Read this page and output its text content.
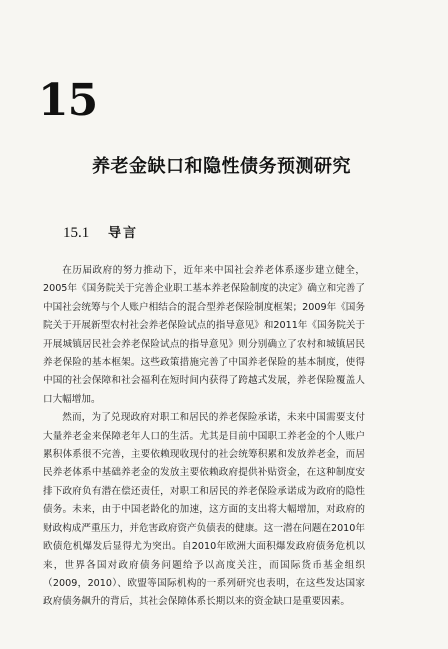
15
养老金缺口和隐性债务预测研究
15.1 导言

在历届政府的努力推动下，近年来中国社会养老体系逐步建立健全，2005年《国务院关于完善企业职工基本养老保险制度的决定》确立和完善了中国社会统筹与个人账户相结合的混合型养老保险制度框架；2009年《国务院关于开展新型农村社会养老保险试点的指导意见》和2011年《国务院关于开展城镇居民社会养老保险试点的指导意见》则分别确立了农村和城镇居民养老保险的基本框架。这些政策措施完善了中国养老保险的基本制度，使得中国的社会保障和社会福利在短时间内获得了跨越式发展，养老保险覆盖人口大幅增加。

然而，为了兑现政府对职工和居民的养老保险承诺，未来中国需要支付大量养老金来保障老年人口的生活。尤其是目前中国职工养老金的个人账户累积体系很不完善，主要依赖现收现付的社会统筹积累和发放养老金，而居民养老体系中基础养老金的发放主要依赖政府提供补贴资金，在这种制度安排下政府负有潜在偿还责任，对职工和居民的养老保险承诺成为政府的隐性债务。未来，由于中国老龄化的加速，这方面的支出将大幅增加，对政府的财政构成严重压力，并危害政府资产负债表的健康。这一潜在问题在2010年欧债危机爆发后显得尤为突出。自2010年欧洲大面积爆发政府债务危机以来，世界各国对政府债务问题给予以高度关注，而国际货币基金组织（2009，2010）、欧盟等国际机构的一系列研究也表明，在这些发达国家政府债务飙升的背后，其社会保障体系长期以来的资金缺口是重要因素。
